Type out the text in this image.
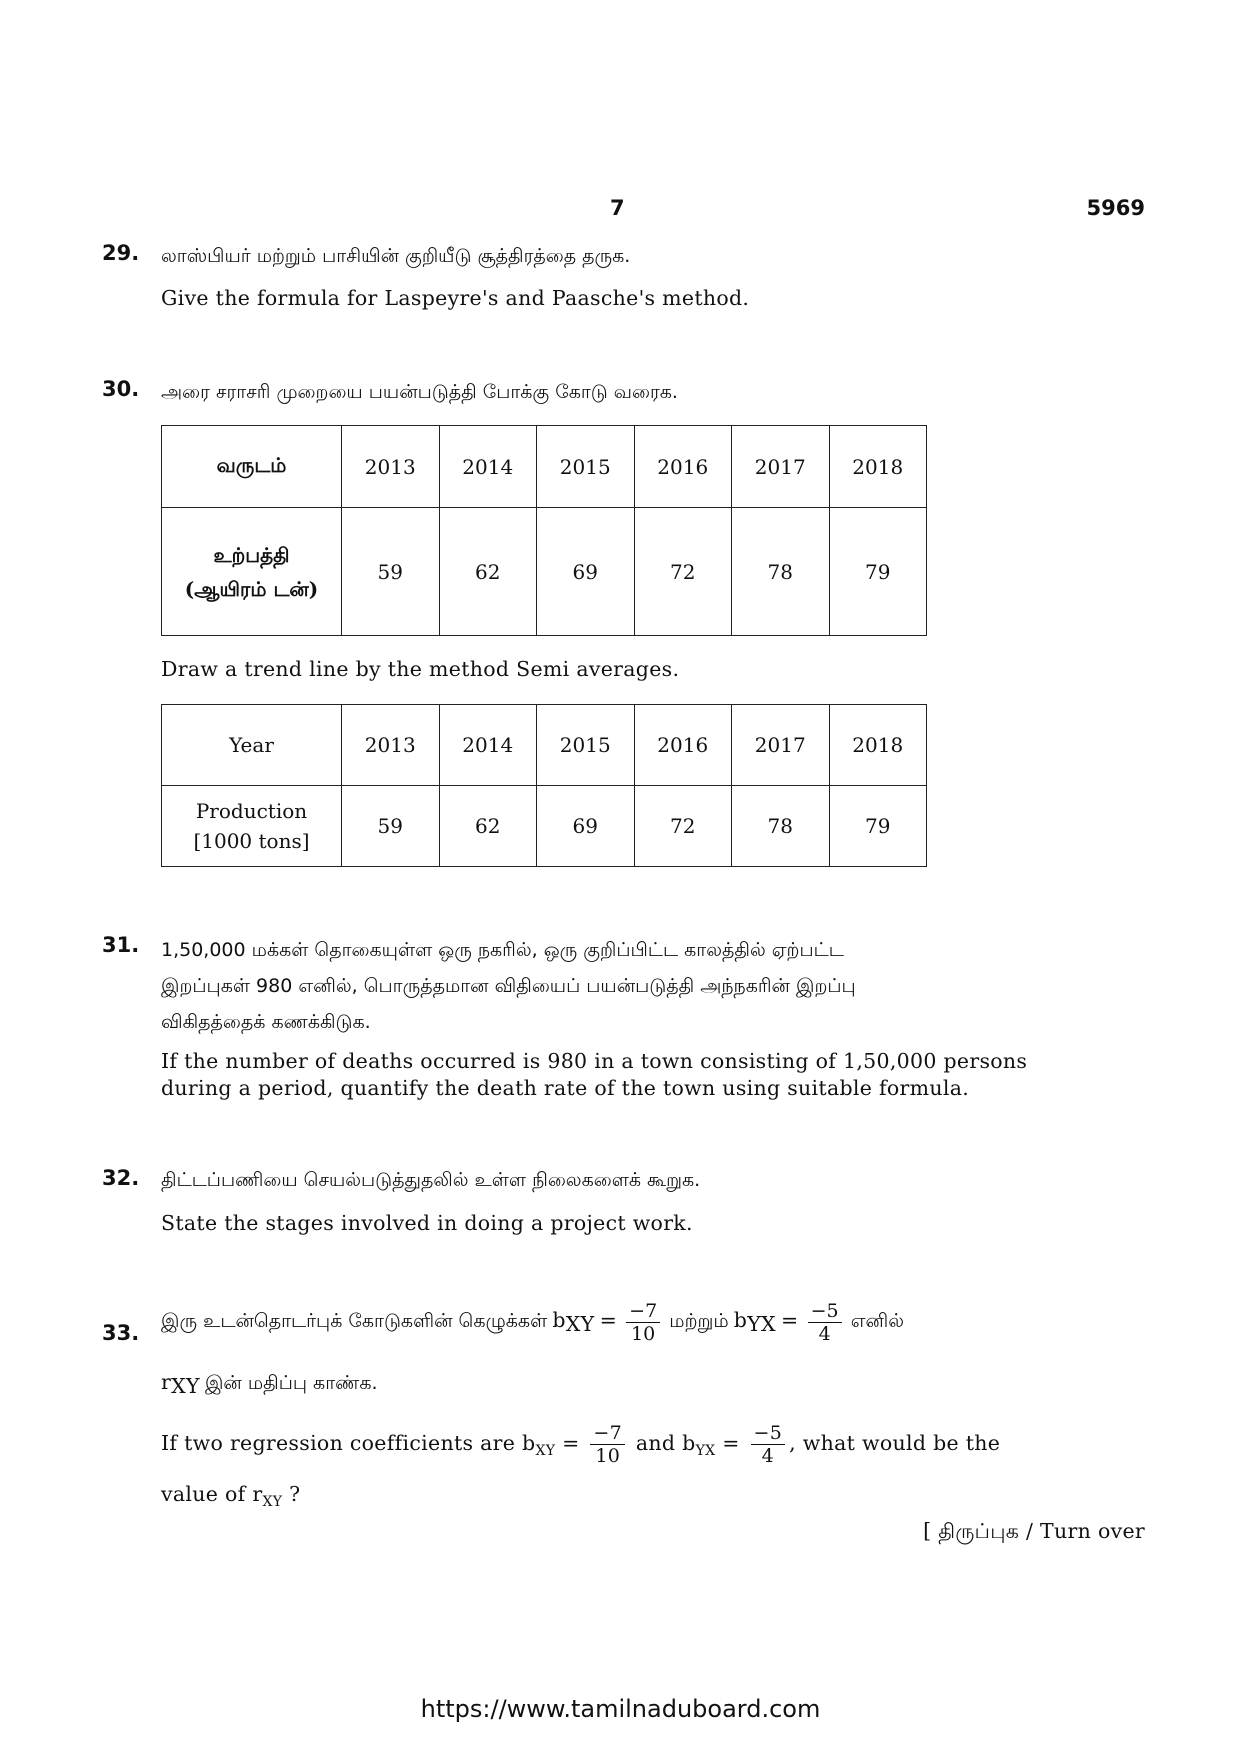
7	5969
29. லாஸ்பியர் மற்றும் பாசியின் குறியீடு சூத்திரத்தை தருக.
Give the formula for Laspeyre's and Paasche's method.
30. அரை சராசரி முறையை பயன்படுத்தி போக்கு கோடு வரைக.
வருடம்	2013	2014	2015	2016	2017	2018

உற்பத்தி
(ஆயிரம் டன்)	59	62	69	72	78	79
Draw a trend line by the method Semi averages.
Year	2013	2014	2015	2016	2017	2018

Production
[1000 tons]	59	62	69	72	78	79
31. 1,50,000 மக்கள் தொகையுள்ள ஒரு நகரில், ஒரு குறிப்பிட்ட காலத்தில் ஏற்பட்ட
இறப்புகள் 980 எனில், பொருத்தமான விதியைப் பயன்படுத்தி அந்நகரின் இறப்பு
விகிதத்தைக் கணக்கிடுக.
If the number of deaths occurred is 980 in a town consisting of 1,50,000 persons
during a period, quantify the death rate of the town using suitable formula.
32. திட்டப்பணியை செயல்படுத்துதலில் உள்ள நிலைகளைக் கூறுக.
State the stages involved in doing a project work.
33. இரு உடன்தொடர்புக் கோடுகளின் கெழுக்கள் $b_{XY} = \frac{-7}{10}$ மற்றும் $b_{YX} = \frac{-5}{4}$ எனில்
$r_{XY}$ இன் மதிப்பு காண்க.
If two regression coefficients are $b_{XY} = \frac{-7}{10}$ and $b_{YX} = \frac{-5}{4}$ , what would be the
value of $r_{XY}$ ?
[ திருப்புக / Turn over
https://www.tamilnaduboard.com
